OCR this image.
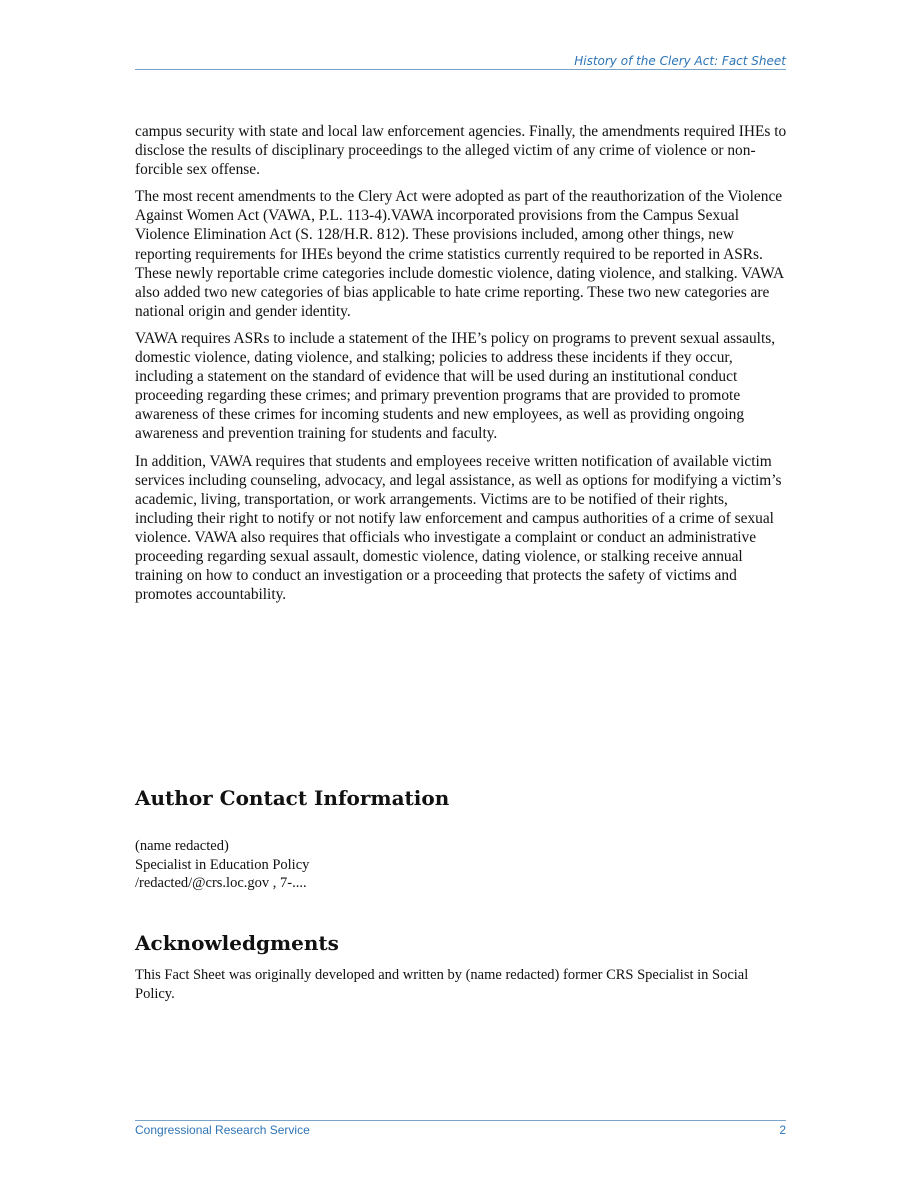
History of the Clery Act: Fact Sheet

campus security with state and local law enforcement agencies. Finally, the amendments required IHEs to disclose the results of disciplinary proceedings to the alleged victim of any crime of violence or non-forcible sex offense.

The most recent amendments to the Clery Act were adopted as part of the reauthorization of the Violence Against Women Act (VAWA, P.L. 113-4).VAWA incorporated provisions from the Campus Sexual Violence Elimination Act (S. 128/H.R. 812). These provisions included, among other things, new reporting requirements for IHEs beyond the crime statistics currently required to be reported in ASRs. These newly reportable crime categories include domestic violence, dating violence, and stalking. VAWA also added two new categories of bias applicable to hate crime reporting. These two new categories are national origin and gender identity.

VAWA requires ASRs to include a statement of the IHE’s policy on programs to prevent sexual assaults, domestic violence, dating violence, and stalking; policies to address these incidents if they occur, including a statement on the standard of evidence that will be used during an institutional conduct proceeding regarding these crimes; and primary prevention programs that are provided to promote awareness of these crimes for incoming students and new employees, as well as providing ongoing awareness and prevention training for students and faculty.

In addition, VAWA requires that students and employees receive written notification of available victim services including counseling, advocacy, and legal assistance, as well as options for modifying a victim’s academic, living, transportation, or work arrangements. Victims are to be notified of their rights, including their right to notify or not notify law enforcement and campus authorities of a crime of sexual violence. VAWA also requires that officials who investigate a complaint or conduct an administrative proceeding regarding sexual assault, domestic violence, dating violence, or stalking receive annual training on how to conduct an investigation or a proceeding that protects the safety of victims and promotes accountability.

Author Contact Information
(name redacted)
Specialist in Education Policy
/redacted/@crs.loc.gov , 7-....
Acknowledgments

This Fact Sheet was originally developed and written by (name redacted) former CRS Specialist in Social Policy.

Congressional Research Service	2
